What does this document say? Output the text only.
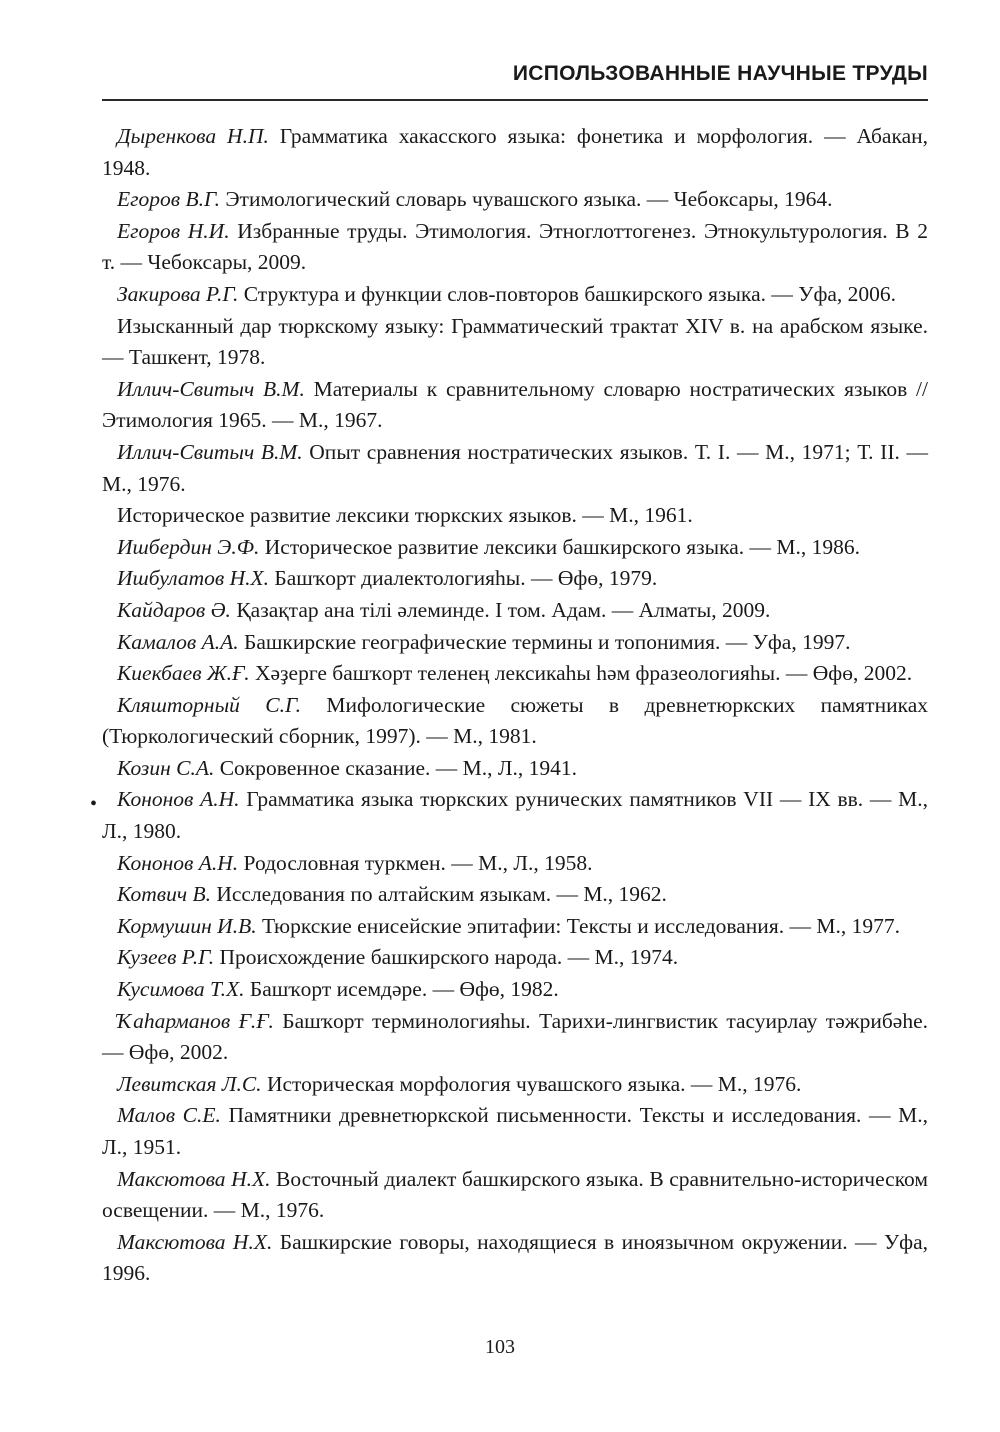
ИСПОЛЬЗОВАННЫЕ НАУЧНЫЕ ТРУДЫ

Дыренкова Н.П. Грамматика хакасского языка: фонетика и морфология. — Абакан, 1948.

Егоров В.Г. Этимологический словарь чувашского языка. — Чебоксары, 1964.

Егоров Н.И. Избранные труды. Этимология. Этноглоттогенез. Этнокультурология. В 2 т. — Чебоксары, 2009.

Закирова Р.Г. Структура и функции слов-повторов башкирского языка. — Уфа, 2006.

Изысканный дар тюркскому языку: Грамматический трактат XIV в. на арабском языке. — Ташкент, 1978.

Иллич-Свитыч В.М. Материалы к сравнительному словарю ностратических языков // Этимология 1965. — М., 1967.

Иллич-Свитыч В.М. Опыт сравнения ностратических языков. Т. I. — М., 1971; Т. II. — М., 1976.

Историческое развитие лексики тюркских языков. — М., 1961.

Ишбердин Э.Ф. Историческое развитие лексики башкирского языка. — М., 1986.

Ишбулатов Н.Х. Башҡорт диалектологияһы. — Өфө, 1979.

Кайдаров Ә. Қазақтар ана тілі әлеминде. I том. Адам. — Алматы, 2009.

Камалов А.А. Башкирские географические термины и топонимия. — Уфа, 1997.

Киекбаев Ж.Ғ. Хәҙерге башҡорт теленең лексикаһы һәм фразеологияһы. — Өфө, 2002.

Кляшторный С.Г. Мифологические сюжеты в древнетюркских памятниках (Тюркологический сборник, 1997). — М., 1981.

Козин С.А. Сокровенное сказание. — М., Л., 1941.

Кононов А.Н. Грамматика языка тюркских рунических памятников VII — IX вв. — М., Л., 1980.

Кононов А.Н. Родословная туркмен. — М., Л., 1958.

Котвич В. Исследования по алтайским языкам. — М., 1962.

Кормушин И.В. Тюркские енисейские эпитафии: Тексты и исследования. — М., 1977.

Кузеев Р.Г. Происхождение башкирского народа. — М., 1974.

Кусимова Т.Х. Башҡорт исемдәре. — Өфө, 1982.

Ҡаһарманов Ғ.Ғ. Башҡорт терминологияһы. Тарихи-лингвистик тасуирлау тәжрибәһе. — Өфө, 2002.

Левитская Л.С. Историческая морфология чувашского языка. — М., 1976.

Малов С.Е. Памятники древнетюркской письменности. Тексты и исследования. — М., Л., 1951.

Максютова Н.Х. Восточный диалект башкирского языка. В сравнительно-историческом освещении. — М., 1976.

Максютова Н.Х. Башкирские говоры, находящиеся в иноязычном окружении. — Уфа, 1996.

•
103
